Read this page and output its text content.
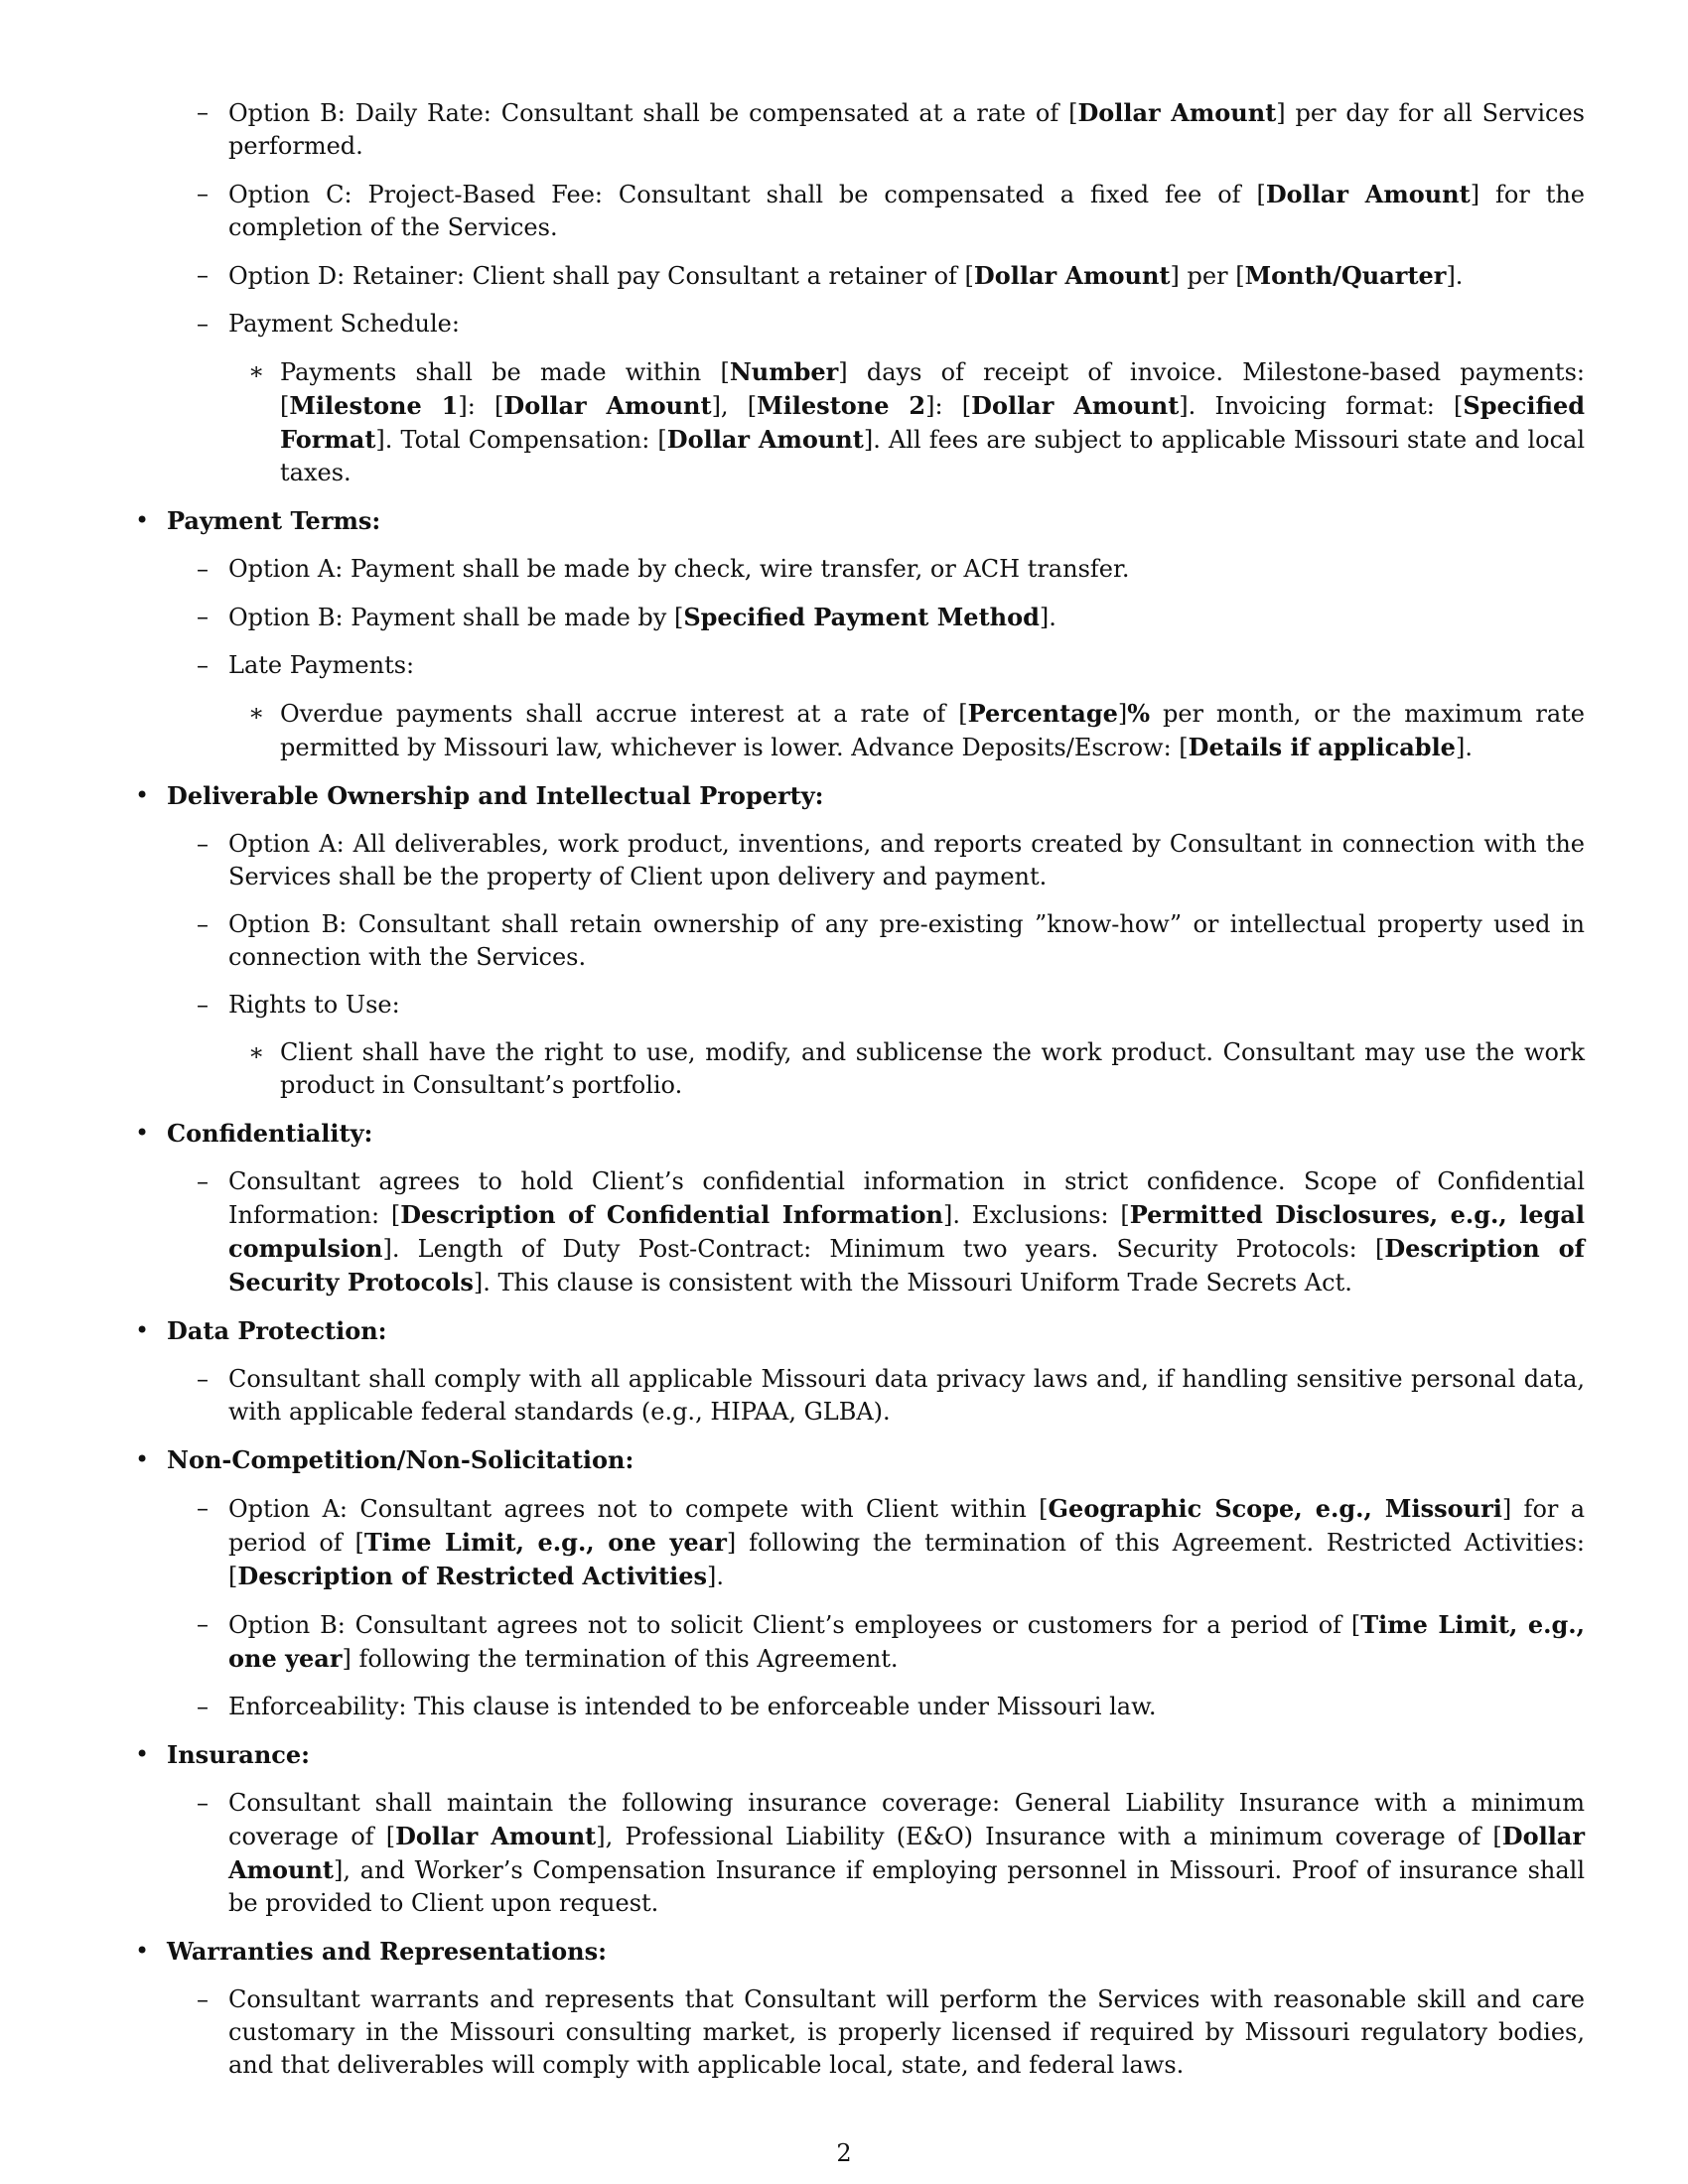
– Option B: Daily Rate: Consultant shall be compensated at a rate of [Dollar Amount] per day for all Services performed.
– Option C: Project-Based Fee: Consultant shall be compensated a fixed fee of [Dollar Amount] for the completion of the Services.
– Option D: Retainer: Client shall pay Consultant a retainer of [Dollar Amount] per [Month/Quarter].
– Payment Schedule:
∗ Payments shall be made within [Number] days of receipt of invoice. Milestone-based payments: [Milestone 1]: [Dollar Amount], [Milestone 2]: [Dollar Amount]. Invoicing format: [Specified Format]. Total Compensation: [Dollar Amount]. All fees are subject to applicable Missouri state and local taxes.
• Payment Terms:
– Option A: Payment shall be made by check, wire transfer, or ACH transfer.
– Option B: Payment shall be made by [Specified Payment Method].
– Late Payments:
∗ Overdue payments shall accrue interest at a rate of [Percentage]% per month, or the maximum rate permitted by Missouri law, whichever is lower. Advance Deposits/Escrow: [Details if applicable].
• Deliverable Ownership and Intellectual Property:
– Option A: All deliverables, work product, inventions, and reports created by Consultant in connection with the Services shall be the property of Client upon delivery and payment.
– Option B: Consultant shall retain ownership of any pre-existing ”know-how” or intellectual property used in connection with the Services.
– Rights to Use:
∗ Client shall have the right to use, modify, and sublicense the work product. Consultant may use the work product in Consultant’s portfolio.
• Confidentiality:
– Consultant agrees to hold Client’s confidential information in strict confidence. Scope of Confidential Information: [Description of Confidential Information]. Exclusions: [Permitted Disclosures, e.g., legal compulsion]. Length of Duty Post-Contract: Minimum two years. Security Protocols: [Description of Security Protocols]. This clause is consistent with the Missouri Uniform Trade Secrets Act.
• Data Protection:
– Consultant shall comply with all applicable Missouri data privacy laws and, if handling sensitive personal data, with applicable federal standards (e.g., HIPAA, GLBA).
• Non-Competition/Non-Solicitation:
– Option A: Consultant agrees not to compete with Client within [Geographic Scope, e.g., Missouri] for a period of [Time Limit, e.g., one year] following the termination of this Agreement. Restricted Activities: [Description of Restricted Activities].
– Option B: Consultant agrees not to solicit Client’s employees or customers for a period of [Time Limit, e.g., one year] following the termination of this Agreement.
– Enforceability: This clause is intended to be enforceable under Missouri law.
• Insurance:
– Consultant shall maintain the following insurance coverage: General Liability Insurance with a minimum coverage of [Dollar Amount], Professional Liability (E&O) Insurance with a minimum coverage of [Dollar Amount], and Worker’s Compensation Insurance if employing personnel in Missouri. Proof of insurance shall be provided to Client upon request.
• Warranties and Representations:
– Consultant warrants and represents that Consultant will perform the Services with reasonable skill and care customary in the Missouri consulting market, is properly licensed if required by Missouri regulatory bodies, and that deliverables will comply with applicable local, state, and federal laws.
2
